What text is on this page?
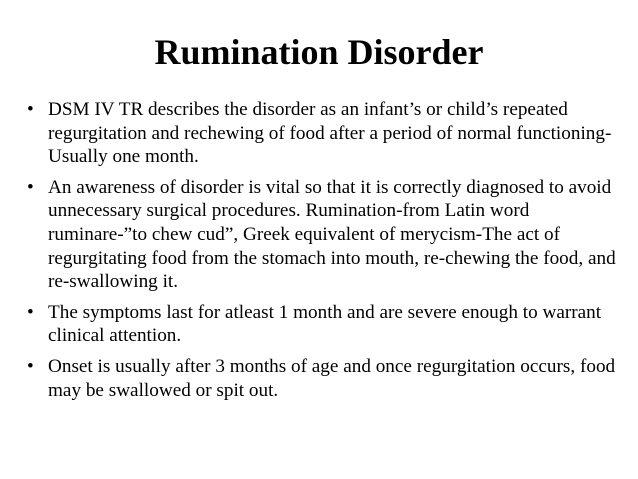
Rumination Disorder
• DSM IV TR describes the disorder as an infant’s or child’s repeated regurgitation and rechewing of food after a period of normal functioning-Usually one month.
• An awareness of disorder is vital so that it is correctly diagnosed to avoid unnecessary surgical procedures. Rumination-from Latin word ruminare-”to chew cud”, Greek equivalent of merycism-The act of regurgitating food from the stomach into mouth, re-chewing the food, and re-swallowing it.
• The symptoms last for atleast 1 month and are severe enough to warrant clinical attention.
• Onset is usually after 3 months of age and once regurgitation occurs, food may be swallowed or spit out.
